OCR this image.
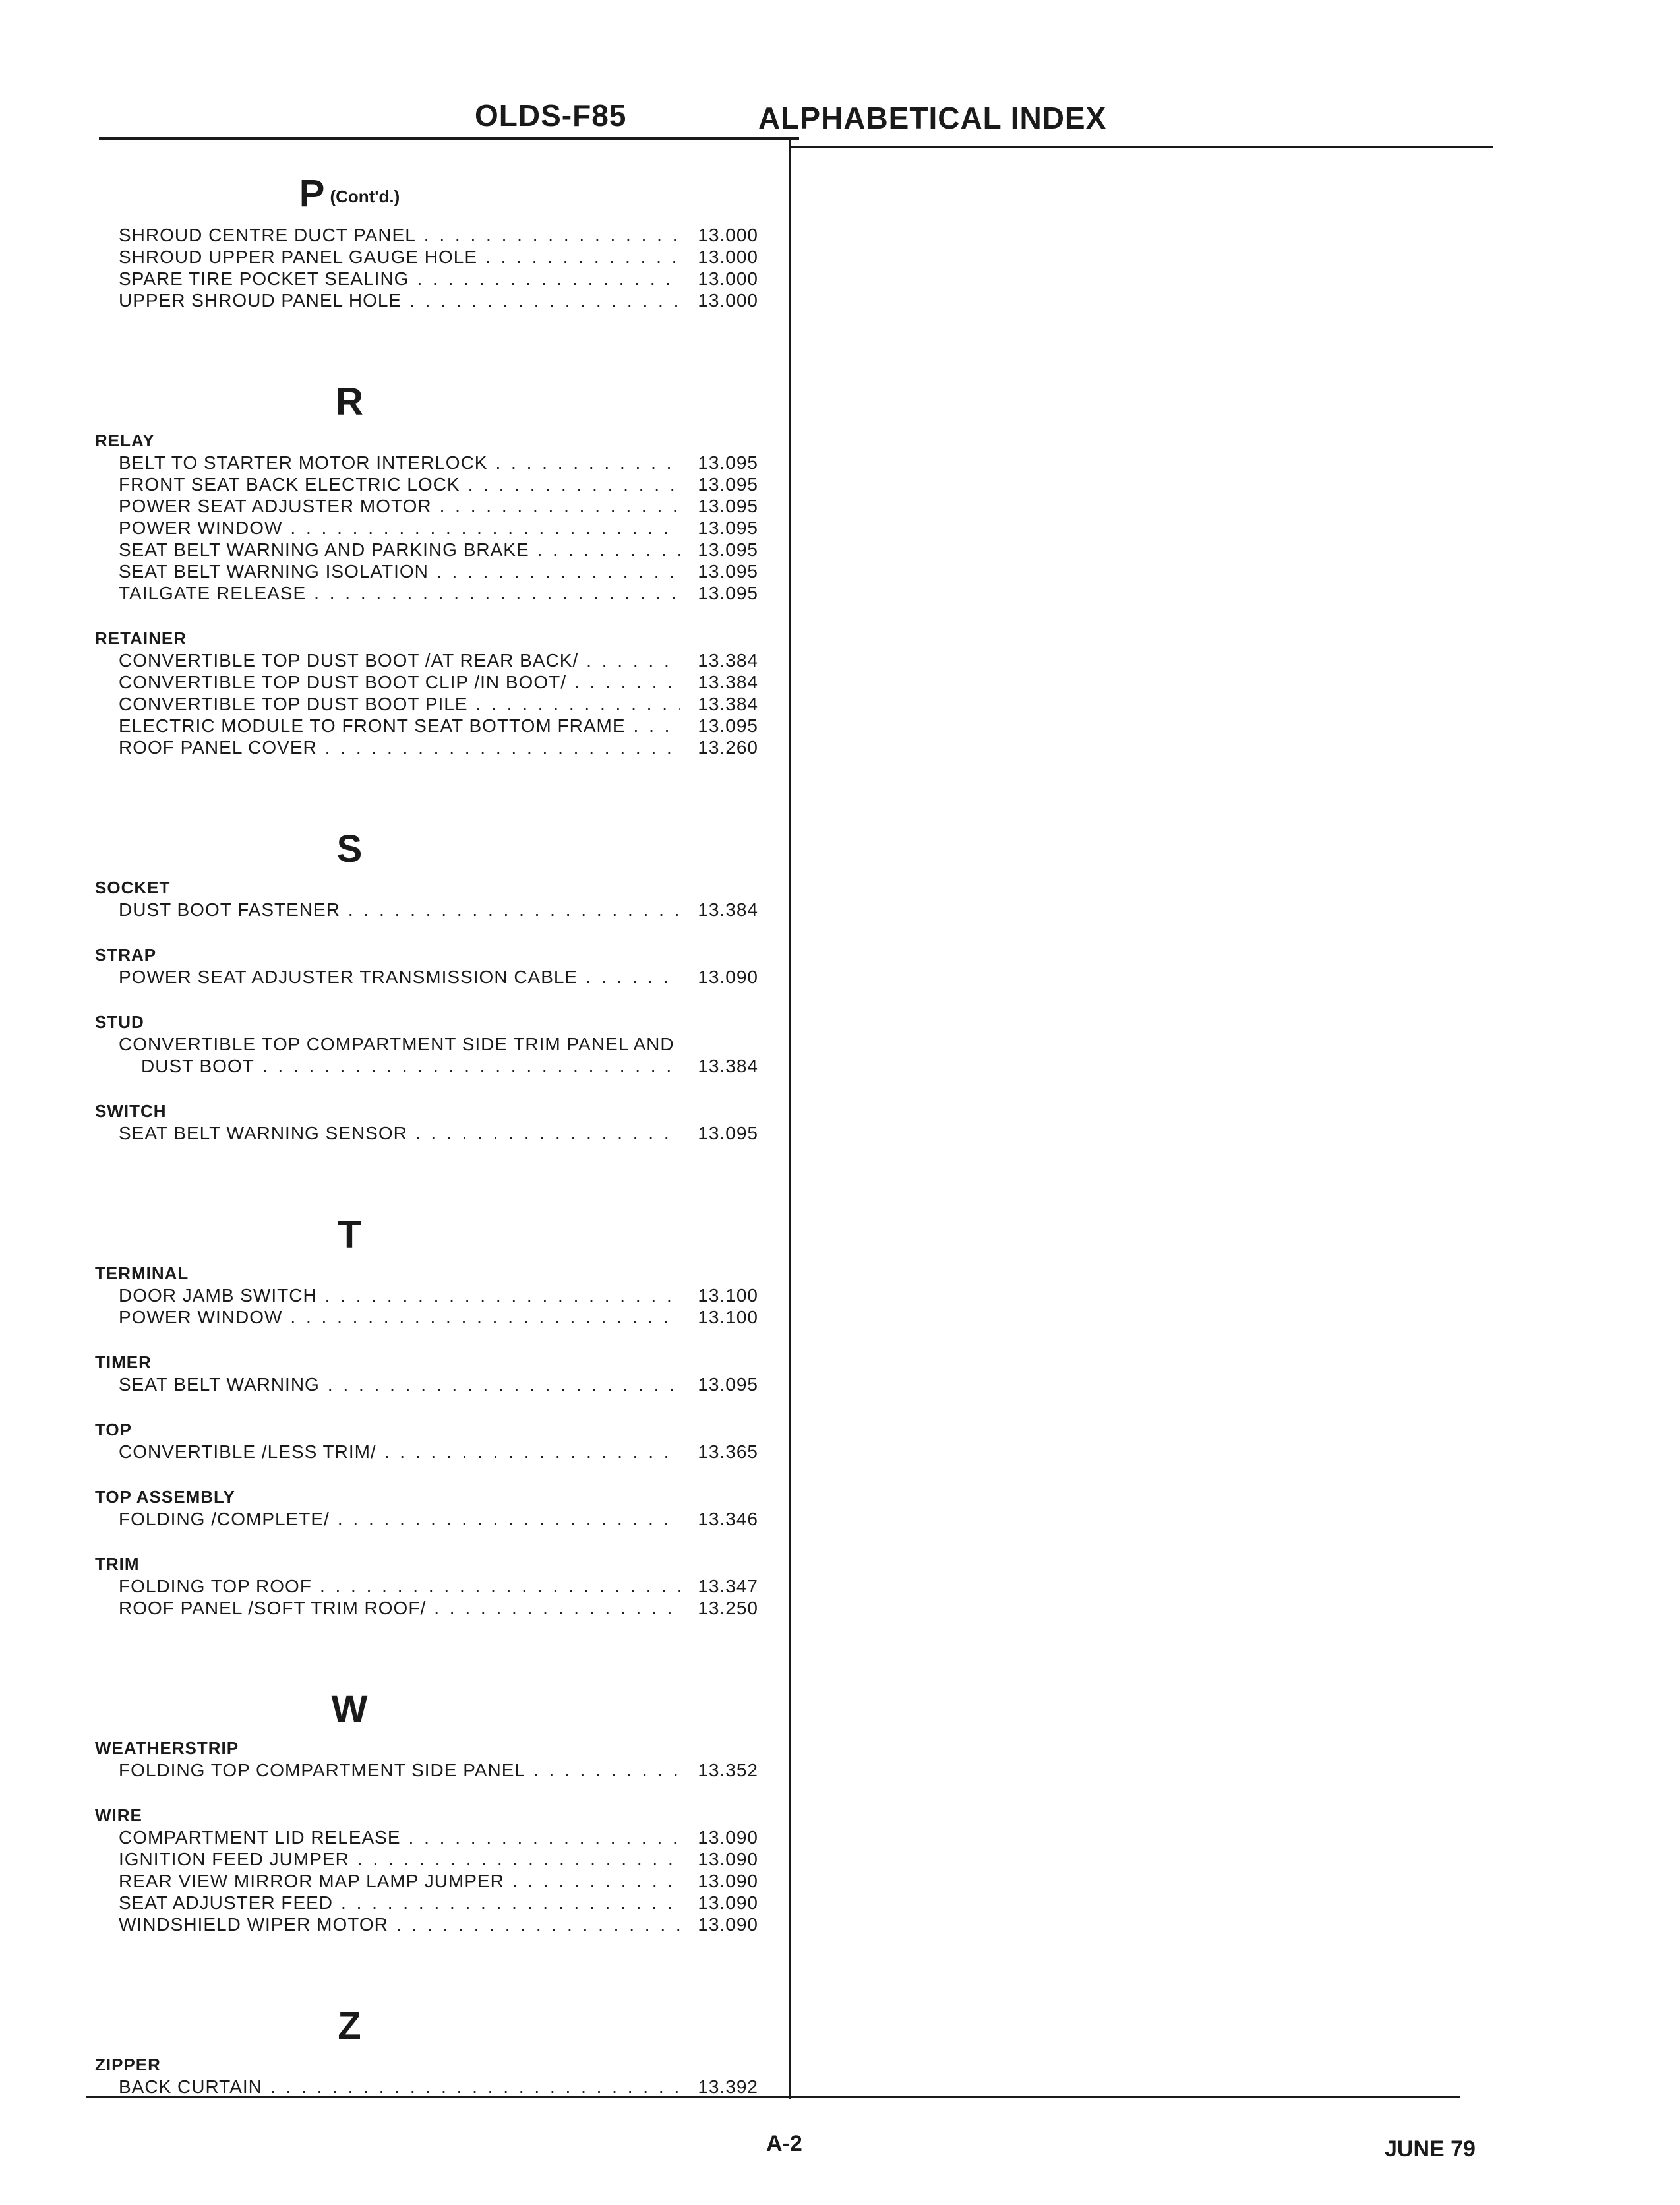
OLDS-F85	ALPHABETICAL INDEX
P (Cont'd.)
SHROUD CENTRE DUCT PANEL . . .	13.000
SHROUD UPPER PANEL GAUGE HOLE . . .	13.000
SPARE TIRE POCKET SEALING . . .	13.000
UPPER SHROUD PANEL HOLE . . .	13.000
R
RELAY
BELT TO STARTER MOTOR INTERLOCK . . .	13.095
FRONT SEAT BACK ELECTRIC LOCK . . .	13.095
POWER SEAT ADJUSTER MOTOR . . .	13.095
POWER WINDOW . . .	13.095
SEAT BELT WARNING AND PARKING BRAKE . . .	13.095
SEAT BELT WARNING ISOLATION . . .	13.095
TAILGATE RELEASE . . .	13.095
RETAINER
CONVERTIBLE TOP DUST BOOT /AT REAR BACK/ . . .	13.384
CONVERTIBLE TOP DUST BOOT CLIP /IN BOOT/ . . .	13.384
CONVERTIBLE TOP DUST BOOT PILE . . .	13.384
ELECTRIC MODULE TO FRONT SEAT BOTTOM FRAME . . .	13.095
ROOF PANEL COVER . . .	13.260
S
SOCKET
DUST BOOT FASTENER . . .	13.384
STRAP
POWER SEAT ADJUSTER TRANSMISSION CABLE . . .	13.090
STUD
CONVERTIBLE TOP COMPARTMENT SIDE TRIM PANEL AND
DUST BOOT . . .	13.384
SWITCH
SEAT BELT WARNING SENSOR . . .	13.095
T
TERMINAL
DOOR JAMB SWITCH . . .	13.100
POWER WINDOW . . .	13.100
TIMER
SEAT BELT WARNING . . .	13.095
TOP
CONVERTIBLE /LESS TRIM/ . . .	13.365
TOP ASSEMBLY
FOLDING /COMPLETE/ . . .	13.346
TRIM
FOLDING TOP ROOF . . .	13.347
ROOF PANEL /SOFT TRIM ROOF/ . . .	13.250
W
WEATHERSTRIP
FOLDING TOP COMPARTMENT SIDE PANEL . . .	13.352
WIRE
COMPARTMENT LID RELEASE . . .	13.090
IGNITION FEED JUMPER . . .	13.090
REAR VIEW MIRROR MAP LAMP JUMPER . . .	13.090
SEAT ADJUSTER FEED . . .	13.090
WINDSHIELD WIPER MOTOR . . .	13.090
Z
ZIPPER
BACK CURTAIN . . .	13.392
A-2	JUNE 79
